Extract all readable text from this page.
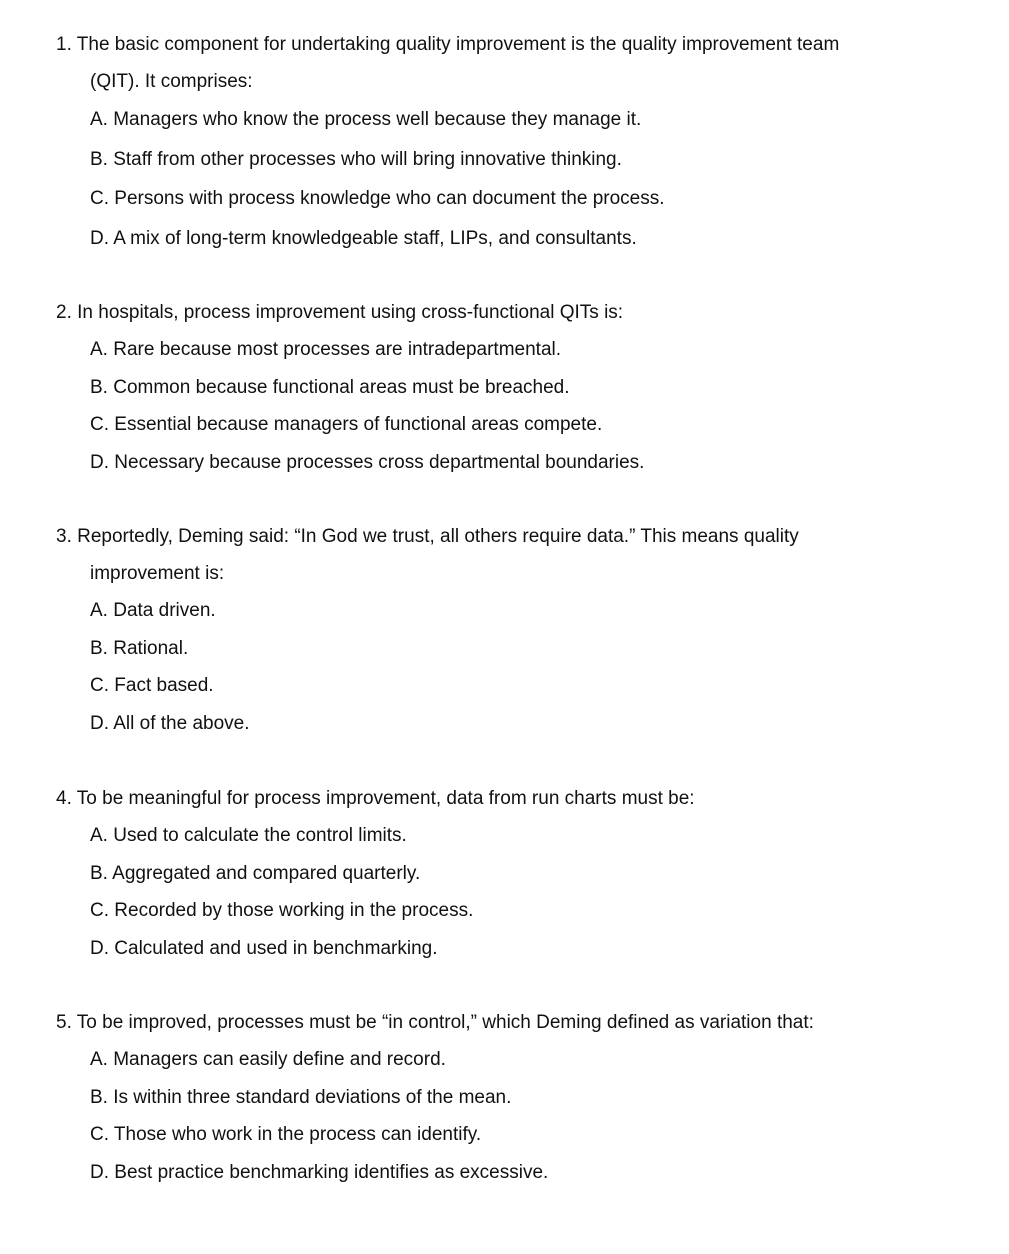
1. The basic component for undertaking quality improvement is the quality improvement team

(QIT). It comprises:

A. Managers who know the process well because they manage it.

B. Staff from other processes who will bring innovative thinking.

C. Persons with process knowledge who can document the process.

D. A mix of long-term knowledgeable staff, LIPs, and consultants.

2. In hospitals, process improvement using cross-functional QITs is:

A. Rare because most processes are intradepartmental.

B. Common because functional areas must be breached.

C. Essential because managers of functional areas compete.

D. Necessary because processes cross departmental boundaries.

3. Reportedly, Deming said: “In God we trust, all others require data.” This means quality

improvement is:

A. Data driven.

B. Rational.

C. Fact based.

D. All of the above.

4. To be meaningful for process improvement, data from run charts must be:

A. Used to calculate the control limits.

B. Aggregated and compared quarterly.

C. Recorded by those working in the process.

D. Calculated and used in benchmarking.

5. To be improved, processes must be “in control,” which Deming defined as variation that:

A. Managers can easily define and record.

B. Is within three standard deviations of the mean.

C. Those who work in the process can identify.

D. Best practice benchmarking identifies as excessive.
